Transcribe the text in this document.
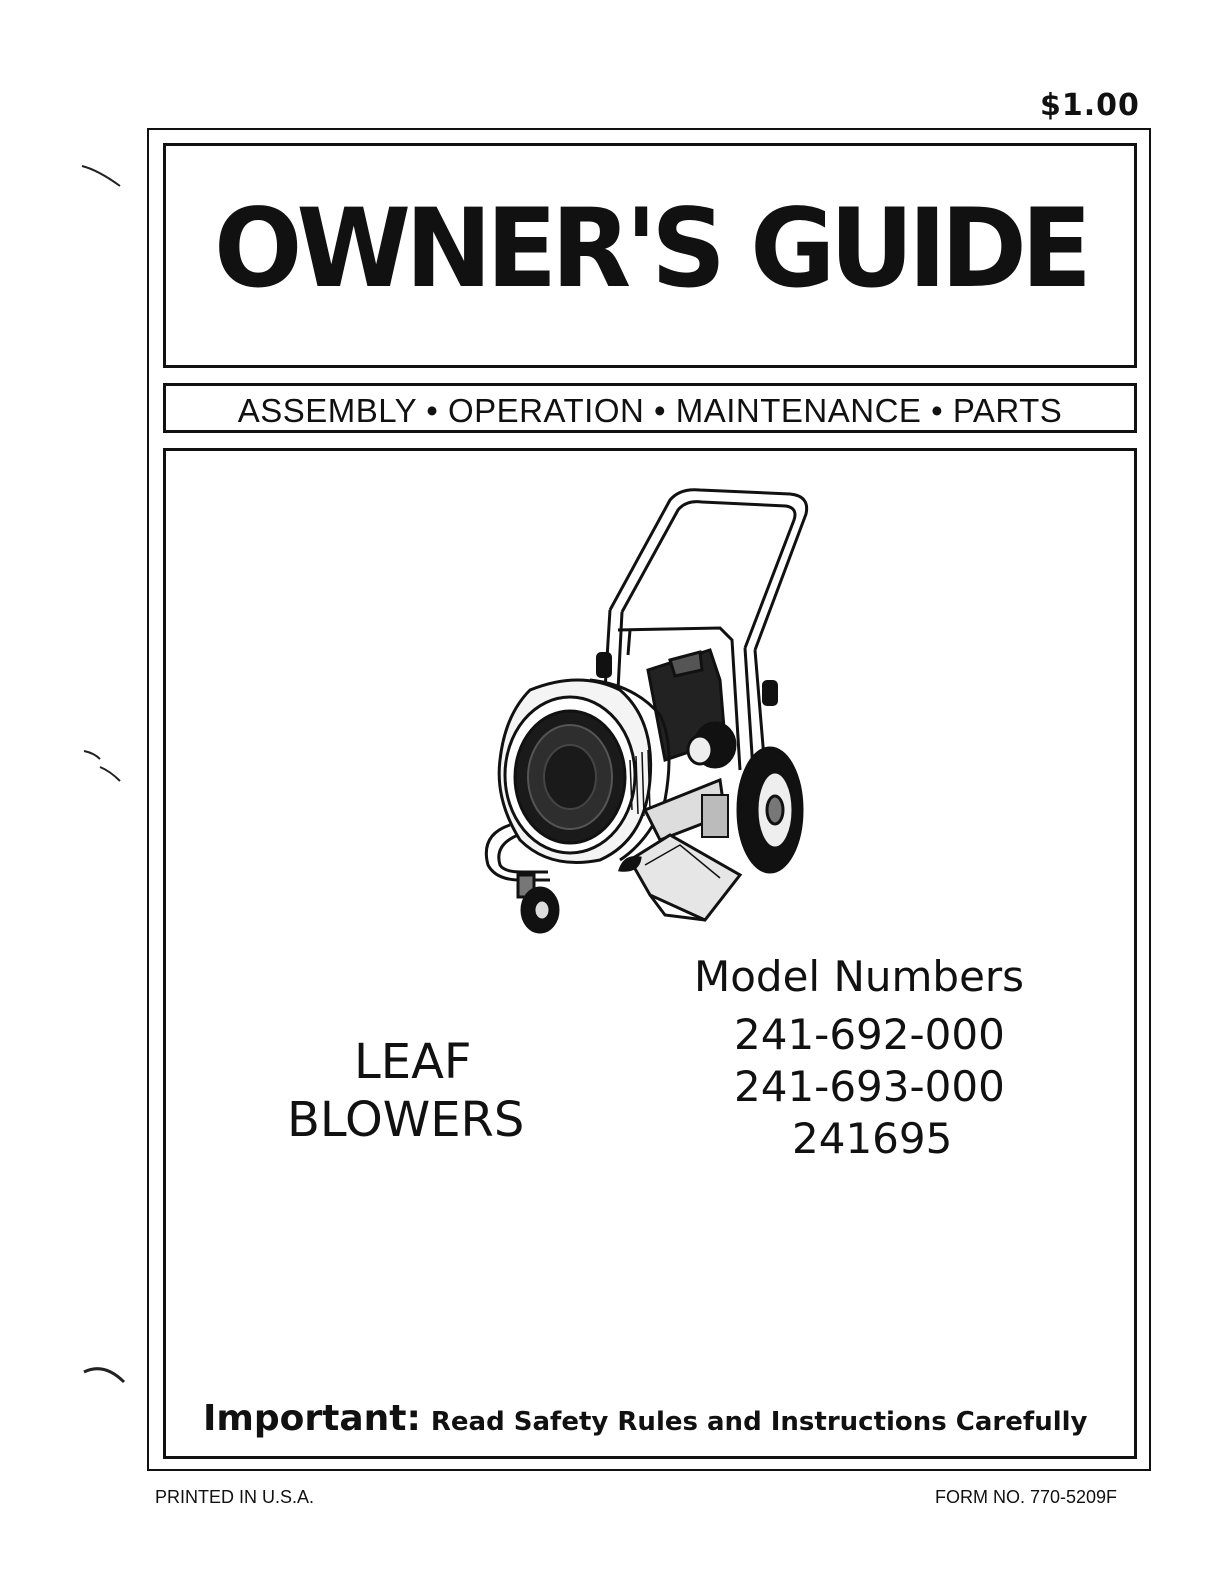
$1.00
OWNER'S GUIDE
ASSEMBLY • OPERATION • MAINTENANCE • PARTS
Model Numbers
241-692-000
241-693-000
241695
LEAF
BLOWERS
Important: Read Safety Rules and Instructions Carefully
PRINTED IN U.S.A.	FORM NO. 770-5209F
